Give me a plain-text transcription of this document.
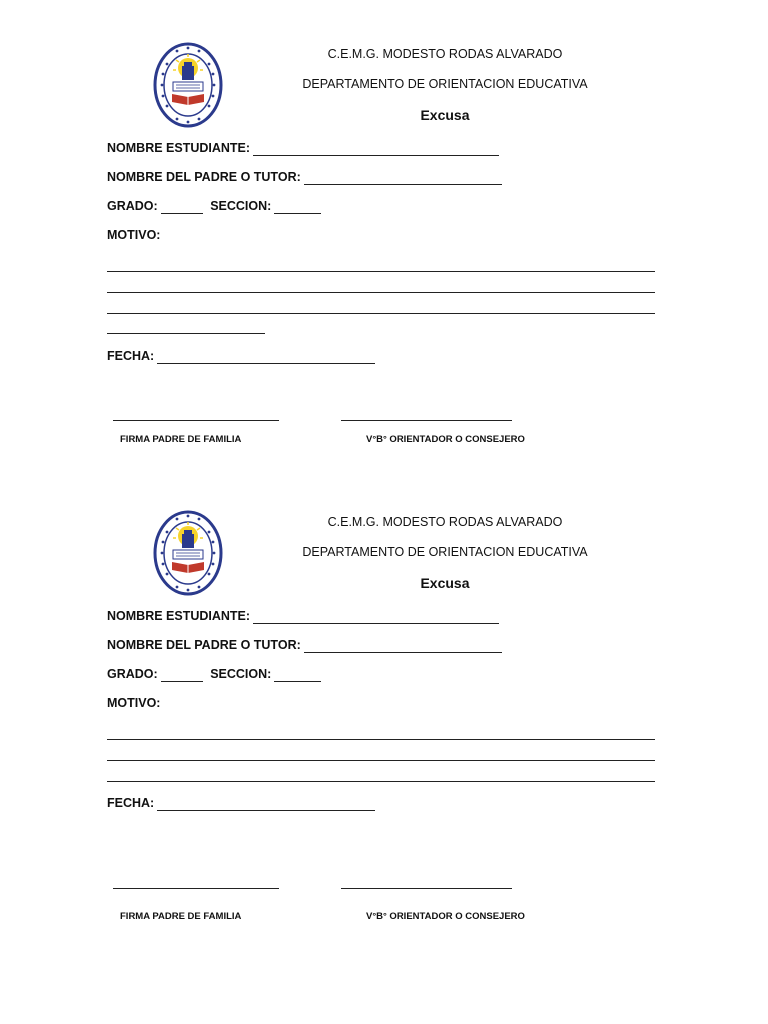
C.E.M.G. MODESTO RODAS ALVARADO
DEPARTAMENTO DE ORIENTACION EDUCATIVA
Excusa
NOMBRE ESTUDIANTE:
NOMBRE DEL PADRE O TUTOR:
GRADO:	SECCION:
MOTIVO:
FECHA:
FIRMA PADRE DE FAMILIA	V°B° ORIENTADOR O CONSEJERO
C.E.M.G. MODESTO RODAS ALVARADO
DEPARTAMENTO DE ORIENTACION EDUCATIVA
Excusa
NOMBRE ESTUDIANTE:
NOMBRE DEL PADRE O TUTOR:
GRADO:	SECCION:
MOTIVO:
FECHA:
FIRMA PADRE DE FAMILIA	V°B° ORIENTADOR O CONSEJERO
